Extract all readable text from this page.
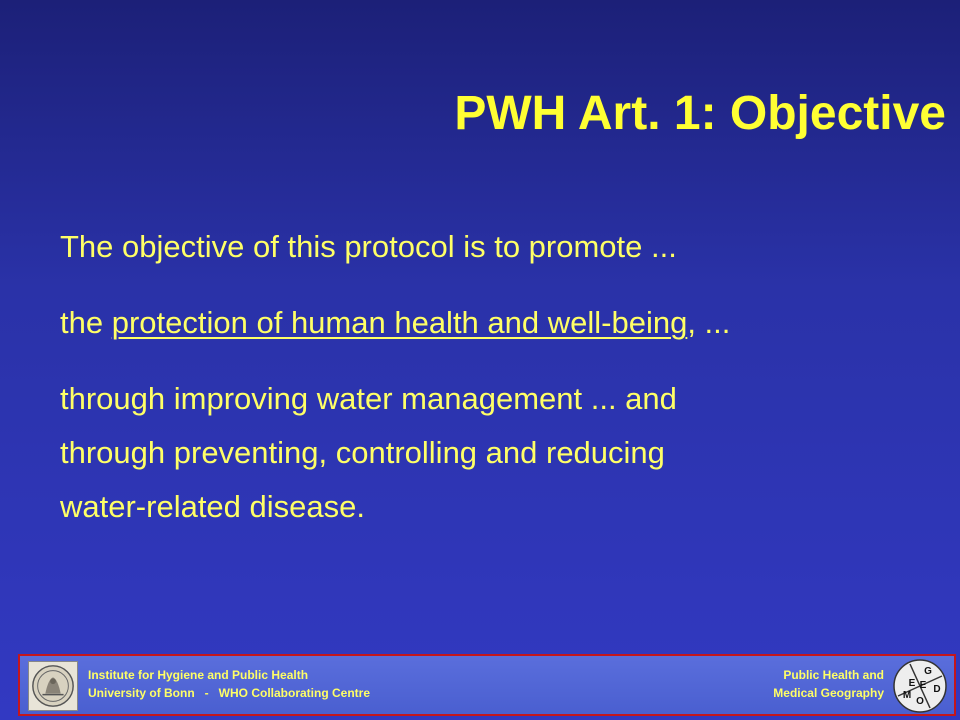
PWH Art. 1: Objective

The objective of this protocol is to promote ...

the protection of human health and well-being, ...

through improving water management ... and

through preventing, controlling and reducing

water-related disease.

Institute for Hygiene and Public Health
University of Bonn   -   WHO Collaborating Centre
Public Health and
Medical Geography
G
E
O
M
E
D
